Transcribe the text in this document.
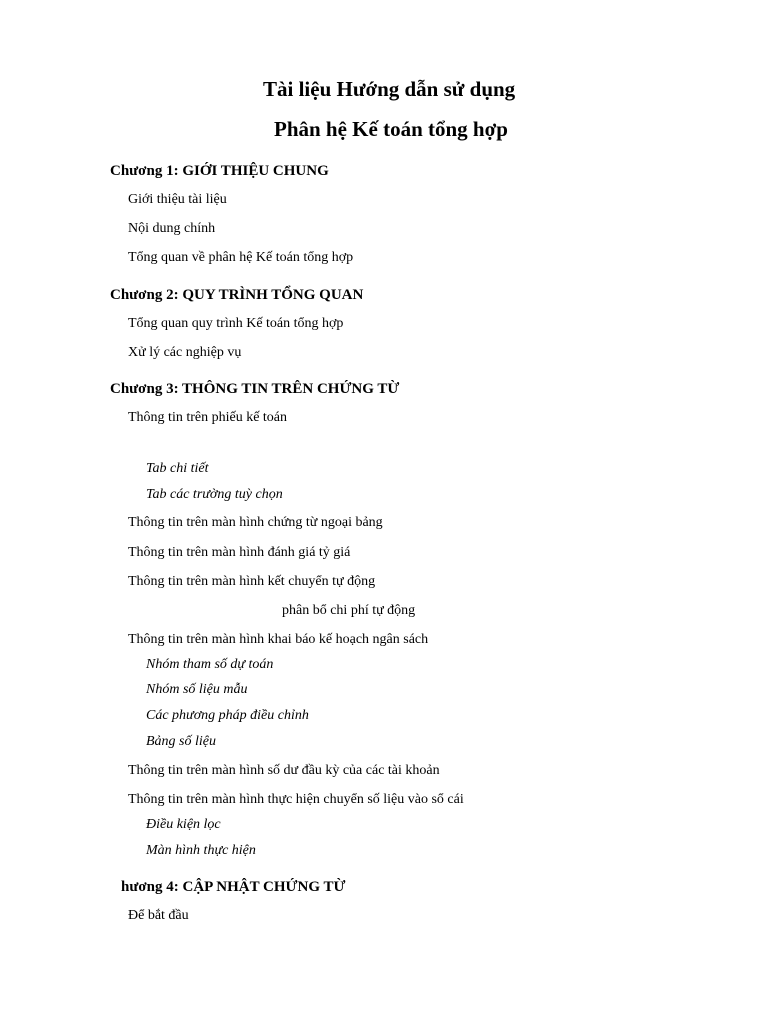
Tài liệu Hướng dẫn sử dụng
Phân hệ Kế toán tổng hợp
Chương 1: GIỚI THIỆU CHUNG
Giới thiệu tài liệu
Nội dung chính
Tổng quan về phân hệ Kế toán tổng hợp
Chương 2: QUY TRÌNH TỔNG QUAN
Tổng quan quy trình Kế toán tổng hợp
Xử lý các nghiệp vụ
Chương 3: THÔNG TIN TRÊN CHỨNG TỪ
Thông tin trên phiếu kế toán
Tab chi tiết
Tab các trường tuỳ chọn
Thông tin trên màn hình chứng từ ngoại bảng
Thông tin trên màn hình đánh giá tỷ giá
Thông tin trên màn hình kết chuyển tự động
phân bổ chi phí tự động
Thông tin trên màn hình khai báo kế hoạch ngân sách
Nhóm tham số dự toán
Nhóm số liệu mẫu
Các phương pháp điều chỉnh
Bảng số liệu
Thông tin trên màn hình số dư đầu kỳ của các tài khoản
Thông tin trên màn hình thực hiện chuyển số liệu vào sổ cái
Điều kiện lọc
Màn hình thực hiện
hương 4: CẬP NHẬT CHỨNG TỪ
Để bắt đầu
